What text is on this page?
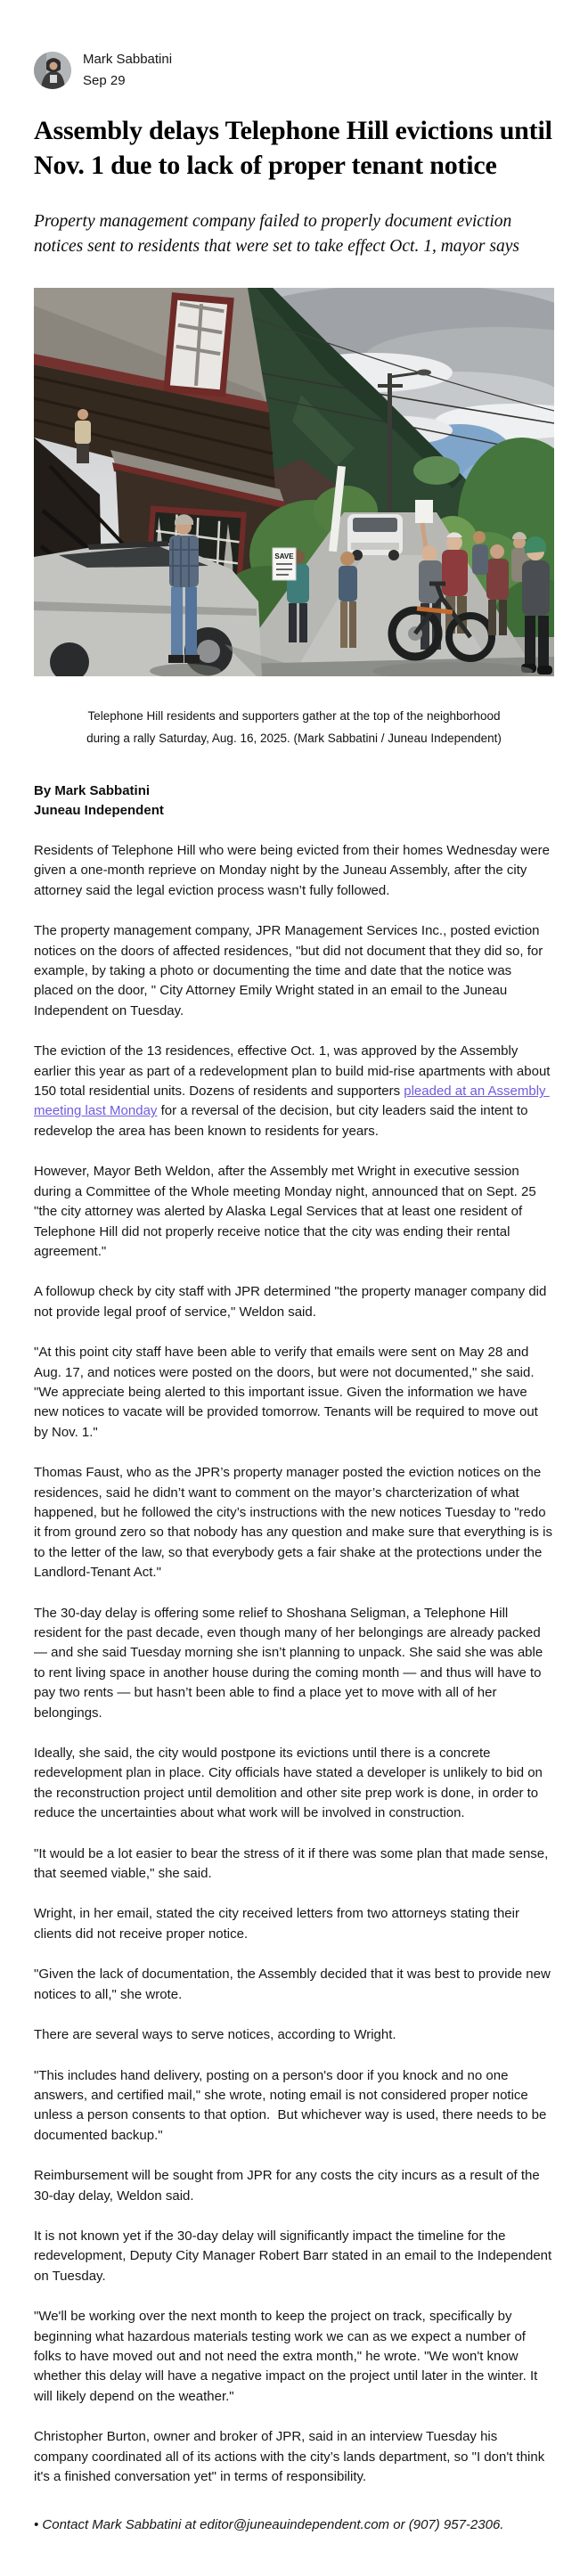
Mark Sabbatini
Sep 29
Assembly delays Telephone Hill evictions until Nov. 1 due to lack of proper tenant notice
Property management company failed to properly document eviction notices sent to residents that were set to take effect Oct. 1, mayor says
SAVE
Telephone Hill residents and supporters gather at the top of the neighborhood during a rally Saturday, Aug. 16, 2025. (Mark Sabbatini / Juneau Independent)
By Mark Sabbatini
Juneau Independent

Residents of Telephone Hill who were being evicted from their homes Wednesday were given a one-month reprieve on Monday night by the Juneau Assembly, after the city attorney said the legal eviction process wasn’t fully followed.

The property management company, JPR Management Services Inc., posted eviction notices on the doors of affected residences, "but did not document that they did so, for example, by taking a photo or documenting the time and date that the notice was placed on the door, " City Attorney Emily Wright stated in an email to the Juneau Independent on Tuesday.

The eviction of the 13 residences, effective Oct. 1, was approved by the Assembly earlier this year as part of a redevelopment plan to build mid-rise apartments with about 150 total residential units. Dozens of residents and supporters pleaded at an Assembly meeting last Monday for a reversal of the decision, but city leaders said the intent to redevelop the area has been known to residents for years.

However, Mayor Beth Weldon, after the Assembly met Wright in executive session during a Committee of the Whole meeting Monday night, announced that on Sept. 25 "the city attorney was alerted by Alaska Legal Services that at least one resident of Telephone Hill did not properly receive notice that the city was ending their rental agreement."

A followup check by city staff with JPR determined "the property manager company did not provide legal proof of service," Weldon said.

"At this point city staff have been able to verify that emails were sent on May 28 and Aug. 17, and notices were posted on the doors, but were not documented," she said. "We appreciate being alerted to this important issue. Given the information we have new notices to vacate will be provided tomorrow. Tenants will be required to move out by Nov. 1."

Thomas Faust, who as the JPR’s property manager posted the eviction notices on the residences, said he didn’t want to comment on the mayor’s charcterization of what happened, but he followed the city’s instructions with the new notices Tuesday to "redo it from ground zero so that nobody has any question and make sure that everything is is to the letter of the law, so that everybody gets a fair shake at the protections under the Landlord-Tenant Act."

The 30-day delay is offering some relief to Shoshana Seligman, a Telephone Hill resident for the past decade, even though many of her belongings are already packed — and she said Tuesday morning she isn’t planning to unpack. She said she was able to rent living space in another house during the coming month — and thus will have to pay two rents — but hasn’t been able to find a place yet to move with all of her belongings.

Ideally, she said, the city would postpone its evictions until there is a concrete redevelopment plan in place. City officials have stated a developer is unlikely to bid on the reconstruction project until demolition and other site prep work is done, in order to reduce the uncertainties about what work will be involved in construction.

"It would be a lot easier to bear the stress of it if there was some plan that made sense, that seemed viable," she said.

Wright, in her email, stated the city received letters from two attorneys stating their clients did not receive proper notice.

"Given the lack of documentation, the Assembly decided that it was best to provide new notices to all," she wrote.

There are several ways to serve notices, according to Wright.

"This includes hand delivery, posting on a person's door if you knock and no one answers, and certified mail," she wrote, noting email is not considered proper notice unless a person consents to that option.  But whichever way is used, there needs to be documented backup."

Reimbursement will be sought from JPR for any costs the city incurs as a result of the 30-day delay, Weldon said.

It is not known yet if the 30-day delay will significantly impact the timeline for the redevelopment, Deputy City Manager Robert Barr stated in an email to the Independent on Tuesday.

"We'll be working over the next month to keep the project on track, specifically by beginning what hazardous materials testing work we can as we expect a number of folks to have moved out and not need the extra month," he wrote. "We won't know whether this delay will have a negative impact on the project until later in the winter. It will likely depend on the weather."

Christopher Burton, owner and broker of JPR, said in an interview Tuesday his company coordinated all of its actions with the city’s lands department, so "I don't think it's a finished conversation yet" in terms of responsibility.

• Contact Mark Sabbatini at editor@juneauindependent.com or (907) 957-2306.
